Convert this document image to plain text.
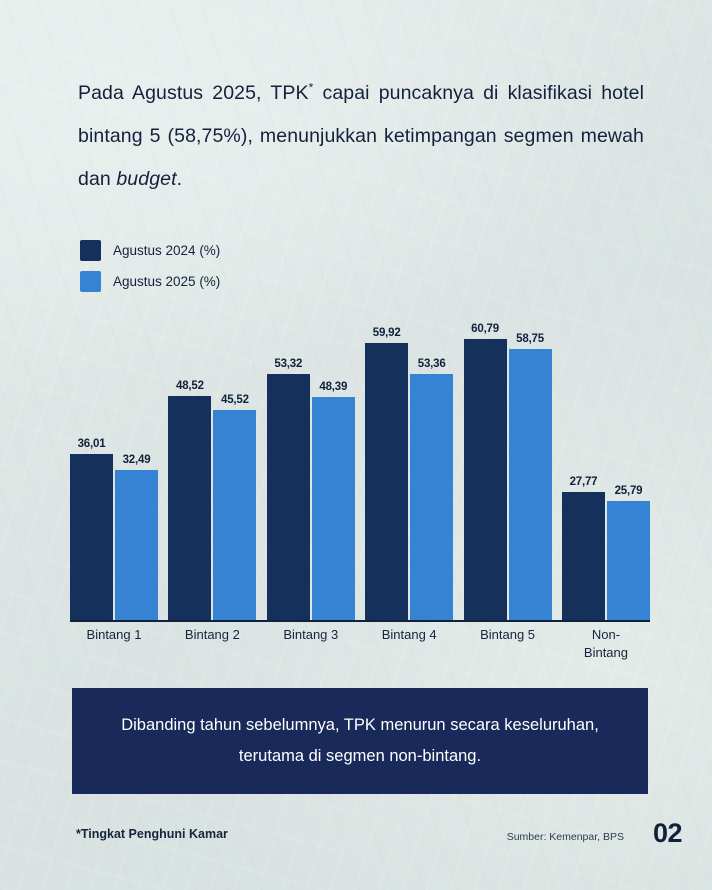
Pada Agustus 2025, TPK* capai puncaknya di klasifikasi hotel bintang 5 (58,75%), menunjukkan ketimpangan segmen mewah dan budget.
Agustus 2024 (%)
Agustus 2025 (%)
36,01
32,49
48,52
45,52
53,32
48,39
59,92
53,36
60,79
58,75
27,77
25,79
Bintang 1	Bintang 2	Bintang 3	Bintang 4	Bintang 5	Non-
Bintang
Dibanding tahun sebelumnya, TPK menurun secara keseluruhan, terutama di segmen non-bintang.
*Tingkat Penghuni Kamar	Sumber: Kemenpar, BPS 02
